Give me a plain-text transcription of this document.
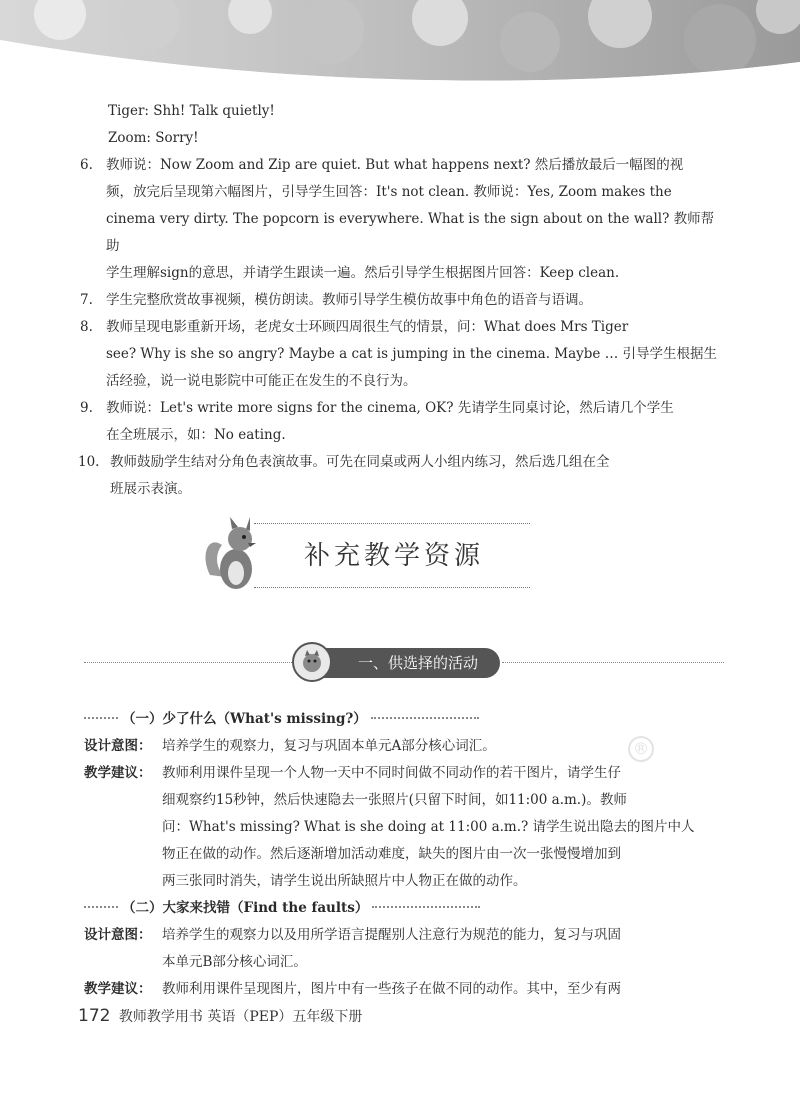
Tiger: Shh! Talk quietly!
Zoom: Sorry!
6. 教师说：Now Zoom and Zip are quiet. But what happens next? 然后播放最后一幅图的视
频，放完后呈现第六幅图片，引导学生回答：It's not clean. 教师说：Yes, Zoom makes the
cinema very dirty. The popcorn is everywhere. What is the sign about on the wall? 教师帮助
学生理解sign的意思，并请学生跟读一遍。然后引导学生根据图片回答：Keep clean.
7. 学生完整欣赏故事视频，模仿朗读。教师引导学生模仿故事中角色的语音与语调。
8. 教师呈现电影重新开场，老虎女士环顾四周很生气的情景，问：What does Mrs Tiger
see? Why is she so angry? Maybe a cat is jumping in the cinema. Maybe … 引导学生根据生
活经验，说一说电影院中可能正在发生的不良行为。
9. 教师说：Let's write more signs for the cinema, OK? 先请学生同桌讨论，然后请几个学生
在全班展示，如：No eating.
10. 教师鼓励学生结对分角色表演故事。可先在同桌或两人小组内练习，然后选几组在全
班展示表演。
补充教学资源
一、供选择的活动
®
（一）少了什么（What's missing?）
设计意图： 培养学生的观察力，复习与巩固本单元A部分核心词汇。
教学建议： 教师利用课件呈现一个人物一天中不同时间做不同动作的若干图片，请学生仔
细观察约15秒钟，然后快速隐去一张照片(只留下时间，如11:00 a.m.)。教师
问：What's missing? What is she doing at 11:00 a.m.? 请学生说出隐去的图片中人
物正在做的动作。然后逐渐增加活动难度，缺失的图片由一次一张慢慢增加到
两三张同时消失，请学生说出所缺照片中人物正在做的动作。
（二）大家来找错（Find the faults）
设计意图： 培养学生的观察力以及用所学语言提醒别人注意行为规范的能力，复习与巩固
本单元B部分核心词汇。
教学建议： 教师利用课件呈现图片，图片中有一些孩子在做不同的动作。其中，至少有两
172 教师教学用书 英语（PEP）五年级下册
